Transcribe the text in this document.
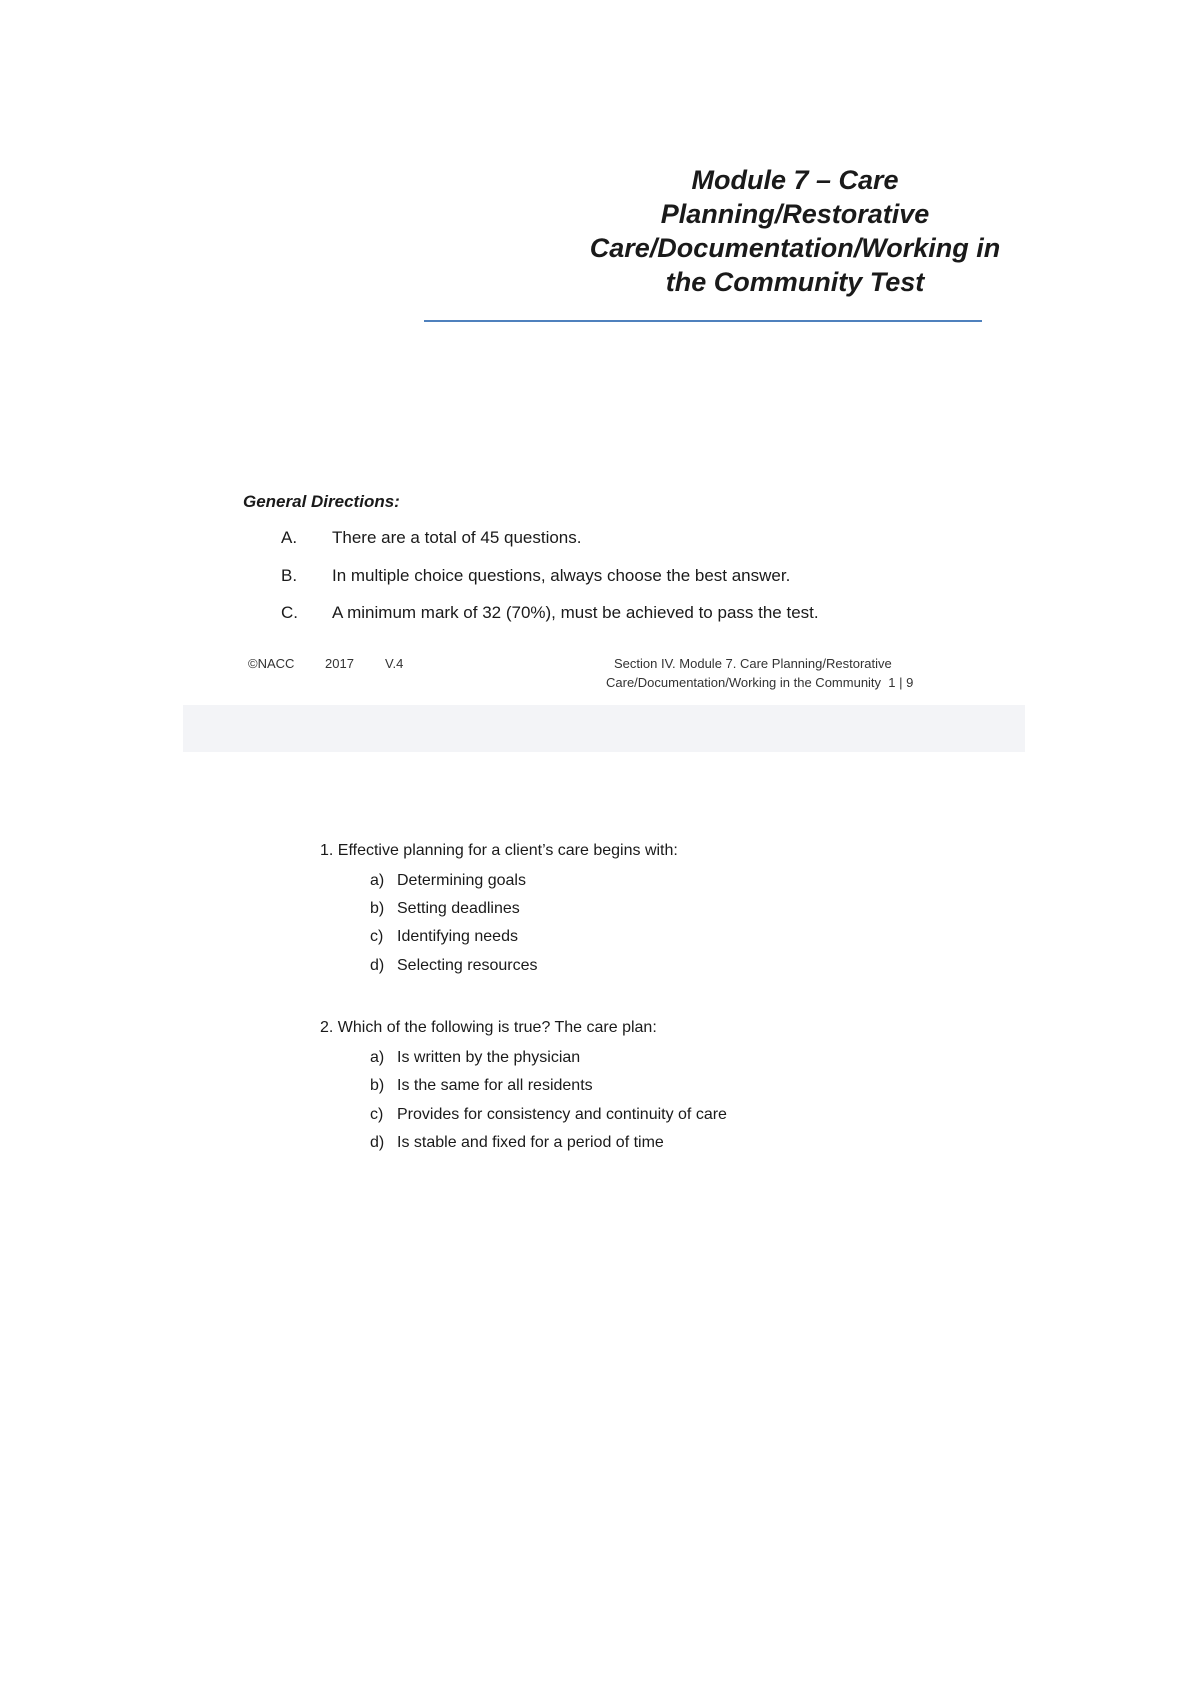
Module 7 – Care
Planning/Restorative
Care/Documentation/Working in
the Community Test
General Directions:
A. There are a total of 45 questions.
B. In multiple choice questions, always choose the best answer.
C. A minimum mark of 32 (70%), must be achieved to pass the test.
©NACC 2017 V.4	Section IV. Module 7. Care Planning/Restorative
Care/Documentation/Working in the Community 1 | 9
1. Effective planning for a client’s care begins with:
a) Determining goals
b) Setting deadlines
c) Identifying needs
d) Selecting resources
2. Which of the following is true? The care plan:
a) Is written by the physician
b) Is the same for all residents
c) Provides for consistency and continuity of care
d) Is stable and fixed for a period of time
